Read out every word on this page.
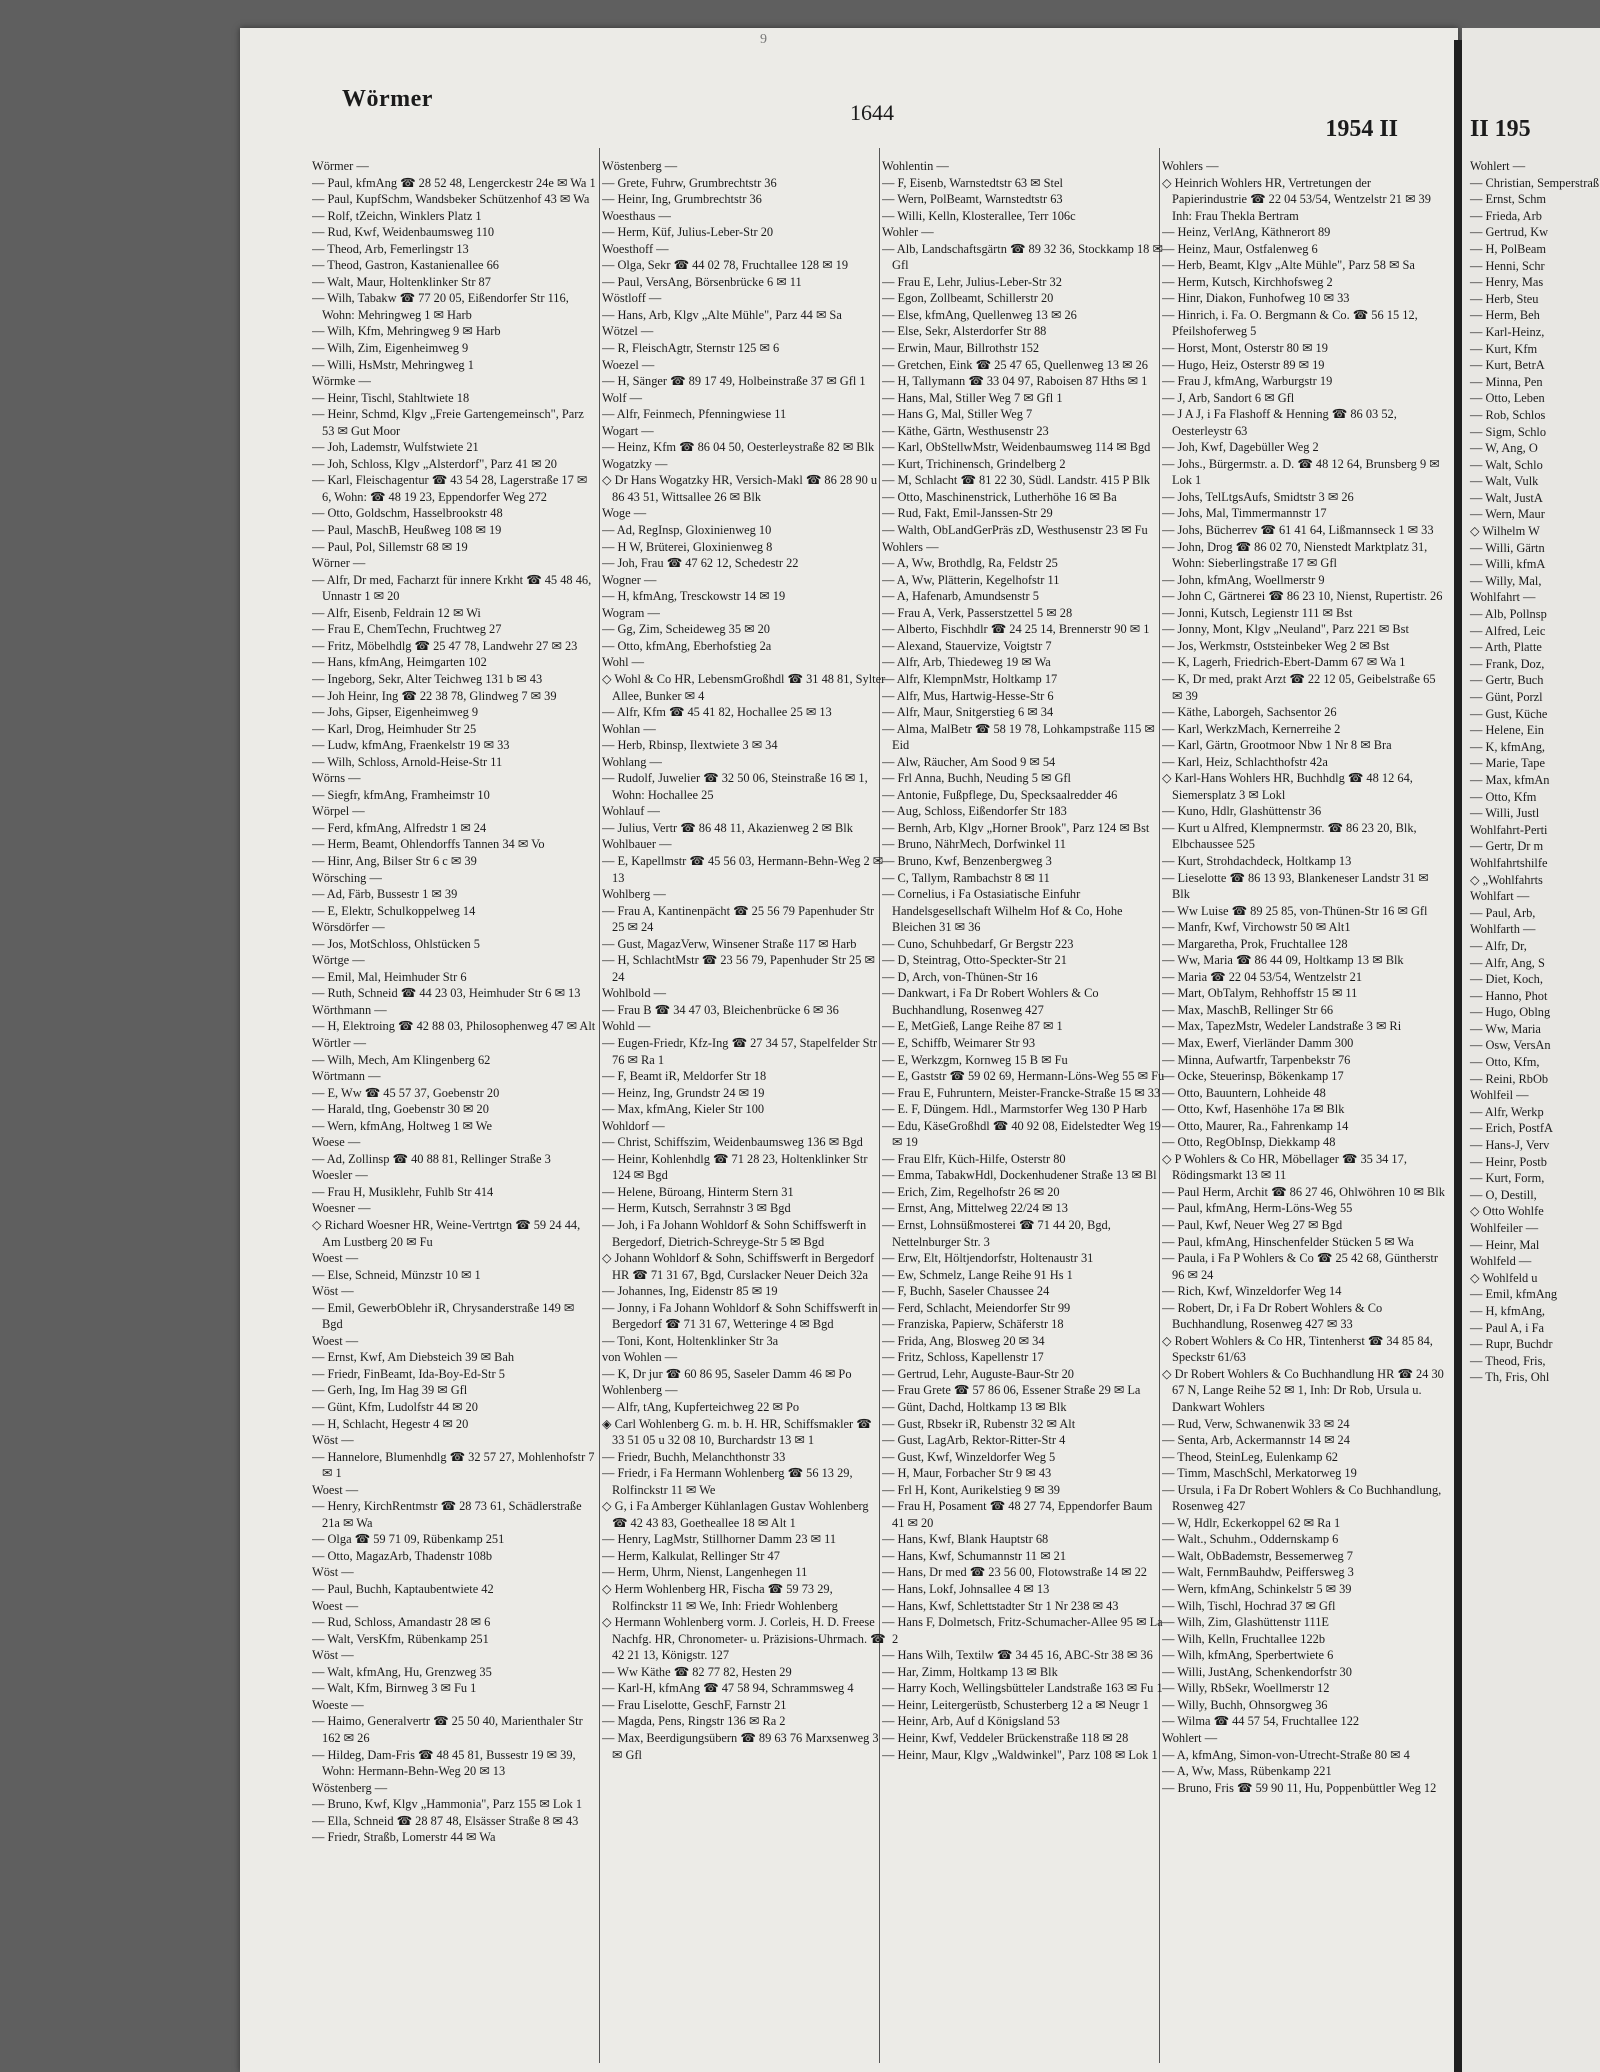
9
Wörmer
1644
1954 II

Wörmer —

— Paul, kfmAng ☎ 28 52 48, Lengerckestr 24e ✉ Wa 1

— Paul, KupfSchm, Wandsbeker Schützenhof 43 ✉ Wa

— Rolf, tZeichn, Winklers Platz 1

— Rud, Kwf, Weidenbaumsweg 110

— Theod, Arb, Femerlingstr 13

— Theod, Gastron, Kastanienallee 66

— Walt, Maur, Holtenklinker Str 87

— Wilh, Tabakw ☎ 77 20 05, Eißendorfer Str 116, Wohn: Mehringweg 1 ✉ Harb

— Wilh, Kfm, Mehringweg 9 ✉ Harb

— Wilh, Zim, Eigenheimweg 9

— Willi, HsMstr, Mehringweg 1

Wörmke —

— Heinr, Tischl, Stahltwiete 18

— Heinr, Schmd, Klgv „Freie Gartengemeinsch", Parz 53 ✉ Gut Moor

— Joh, Lademstr, Wulfstwiete 21

— Joh, Schloss, Klgv „Alsterdorf", Parz 41 ✉ 20

— Karl, Fleischagentur ☎ 43 54 28, Lagerstraße 17 ✉ 6, Wohn: ☎ 48 19 23, Eppendorfer Weg 272

— Otto, Goldschm, Hasselbrookstr 48

— Paul, MaschB, Heußweg 108 ✉ 19

— Paul, Pol, Sillemstr 68 ✉ 19

Wörner —

— Alfr, Dr med, Facharzt für innere Krkht ☎ 45 48 46, Unnastr 1 ✉ 20

— Alfr, Eisenb, Feldrain 12 ✉ Wi

— Frau E, ChemTechn, Fruchtweg 27

— Fritz, Möbelhdlg ☎ 25 47 78, Landwehr 27 ✉ 23

— Hans, kfmAng, Heimgarten 102

— Ingeborg, Sekr, Alter Teichweg 131 b ✉ 43

— Joh Heinr, Ing ☎ 22 38 78, Glindweg 7 ✉ 39

— Johs, Gipser, Eigenheimweg 9

— Karl, Drog, Heimhuder Str 25

— Ludw, kfmAng, Fraenkelstr 19 ✉ 33

— Wilh, Schloss, Arnold-Heise-Str 11

Wörns —

— Siegfr, kfmAng, Framheimstr 10

Wörpel —

— Ferd, kfmAng, Alfredstr 1 ✉ 24

— Herm, Beamt, Ohlendorffs Tannen 34 ✉ Vo

— Hinr, Ang, Bilser Str 6 c ✉ 39

Wörsching —

— Ad, Färb, Bussestr 1 ✉ 39

— E, Elektr, Schulkoppelweg 14

Wörsdörfer —

— Jos, MotSchloss, Ohlstücken 5

Wörtge —

— Emil, Mal, Heimhuder Str 6

— Ruth, Schneid ☎ 44 23 03, Heimhuder Str 6 ✉ 13

Wörthmann —

— H, Elektroing ☎ 42 88 03, Philosophenweg 47 ✉ Alt

Wörtler —

— Wilh, Mech, Am Klingenberg 62

Wörtmann —

— E, Ww ☎ 45 57 37, Goebenstr 20

— Harald, tIng, Goebenstr 30 ✉ 20

— Wern, kfmAng, Holtweg 1 ✉ We

Woese —

— Ad, Zollinsp ☎ 40 88 81, Rellinger Straße 3

Woesler —

— Frau H, Musiklehr, Fuhlb Str 414

Woesner —

◇ Richard Woesner HR, Weine-Vertrtgn ☎ 59 24 44, Am Lustberg 20 ✉ Fu

Woest —

— Else, Schneid, Münzstr 10 ✉ 1

Wöst —

— Emil, GewerbOblehr iR, Chrysanderstraße 149 ✉ Bgd

Woest —

— Ernst, Kwf, Am Diebsteich 39 ✉ Bah

— Friedr, FinBeamt, Ida-Boy-Ed-Str 5

— Gerh, Ing, Im Hag 39 ✉ Gfl

— Günt, Kfm, Ludolfstr 44 ✉ 20

— H, Schlacht, Hegestr 4 ✉ 20

Wöst —

— Hannelore, Blumenhdlg ☎ 32 57 27, Mohlenhofstr 7 ✉ 1

Woest —

— Henry, KirchRentmstr ☎ 28 73 61, Schädlerstraße 21a ✉ Wa

— Olga ☎ 59 71 09, Rübenkamp 251

— Otto, MagazArb, Thadenstr 108b

Wöst —

— Paul, Buchh, Kaptaubentwiete 42

Woest —

— Rud, Schloss, Amandastr 28 ✉ 6

— Walt, VersKfm, Rübenkamp 251

Wöst —

— Walt, kfmAng, Hu, Grenzweg 35

— Walt, Kfm, Birnweg 3 ✉ Fu 1

Woeste —

— Haimo, Generalvertr ☎ 25 50 40, Marienthaler Str 162 ✉ 26

— Hildeg, Dam-Fris ☎ 48 45 81, Bussestr 19 ✉ 39, Wohn: Hermann-Behn-Weg 20 ✉ 13

Wöstenberg —

— Bruno, Kwf, Klgv „Hammonia", Parz 155 ✉ Lok 1

— Ella, Schneid ☎ 28 87 48, Elsässer Straße 8 ✉ 43

— Friedr, Straßb, Lomerstr 44 ✉ Wa

Wöstenberg —

— Grete, Fuhrw, Grumbrechtstr 36

— Heinr, Ing, Grumbrechtstr 36

Woesthaus —

— Herm, Küf, Julius-Leber-Str 20

Woesthoff —

— Olga, Sekr ☎ 44 02 78, Fruchtallee 128 ✉ 19

— Paul, VersAng, Börsenbrücke 6 ✉ 11

Wöstloff —

— Hans, Arb, Klgv „Alte Mühle", Parz 44 ✉ Sa

Wötzel —

— R, FleischAgtr, Sternstr 125 ✉ 6

Woezel —

— H, Sänger ☎ 89 17 49, Holbeinstraße 37 ✉ Gfl 1

Wolf —

— Alfr, Feinmech, Pfenningwiese 11

Wogart —

— Heinz, Kfm ☎ 86 04 50, Oesterleystraße 82 ✉ Blk

Wogatzky —

◇ Dr Hans Wogatzky HR, Versich-Makl ☎ 86 28 90 u 86 43 51, Wittsallee 26 ✉ Blk

Woge —

— Ad, RegInsp, Gloxinienweg 10

— H W, Brüterei, Gloxinienweg 8

— Joh, Frau ☎ 47 62 12, Schedestr 22

Wogner —

— H, kfmAng, Tresckowstr 14 ✉ 19

Wogram —

— Gg, Zim, Scheideweg 35 ✉ 20

— Otto, kfmAng, Eberhofstieg 2a

Wohl —

◇ Wohl & Co HR, LebensmGroßhdl ☎ 31 48 81, Sylter Allee, Bunker ✉ 4

— Alfr, Kfm ☎ 45 41 82, Hochallee 25 ✉ 13

Wohlan —

— Herb, Rbinsp, Ilextwiete 3 ✉ 34

Wohlang —

— Rudolf, Juwelier ☎ 32 50 06, Steinstraße 16 ✉ 1, Wohn: Hochallee 25

Wohlauf —

— Julius, Vertr ☎ 86 48 11, Akazienweg 2 ✉ Blk

Wohlbauer —

— E, Kapellmstr ☎ 45 56 03, Hermann-Behn-Weg 2 ✉ 13

Wohlberg —

— Frau A, Kantinenpächt ☎ 25 56 79 Papenhuder Str 25 ✉ 24

— Gust, MagazVerw, Winsener Straße 117 ✉ Harb

— H, SchlachtMstr ☎ 23 56 79, Papenhuder Str 25 ✉ 24

Wohlbold —

— Frau B ☎ 34 47 03, Bleichenbrücke 6 ✉ 36

Wohld —

— Eugen-Friedr, Kfz-Ing ☎ 27 34 57, Stapelfelder Str 76 ✉ Ra 1

— F, Beamt iR, Meldorfer Str 18

— Heinz, Ing, Grundstr 24 ✉ 19

— Max, kfmAng, Kieler Str 100

Wohldorf —

— Christ, Schiffszim, Weidenbaumsweg 136 ✉ Bgd

— Heinr, Kohlenhdlg ☎ 71 28 23, Holtenklinker Str 124 ✉ Bgd

— Helene, Büroang, Hinterm Stern 31

— Herm, Kutsch, Serrahnstr 3 ✉ Bgd

— Joh, i Fa Johann Wohldorf & Sohn Schiffswerft in Bergedorf, Dietrich-Schreyge-Str 5 ✉ Bgd

◇ Johann Wohldorf & Sohn, Schiffswerft in Bergedorf HR ☎ 71 31 67, Bgd, Curslacker Neuer Deich 32a

— Johannes, Ing, Eidenstr 85 ✉ 19

— Jonny, i Fa Johann Wohldorf & Sohn Schiffswerft in Bergedorf ☎ 71 31 67, Wetteringe 4 ✉ Bgd

— Toni, Kont, Holtenklinker Str 3a

von Wohlen —

— K, Dr jur ☎ 60 86 95, Saseler Damm 46 ✉ Po

Wohlenberg —

— Alfr, tAng, Kupferteichweg 22 ✉ Po

◈ Carl Wohlenberg G. m. b. H. HR, Schiffsmakler ☎ 33 51 05 u 32 08 10, Burchardstr 13 ✉ 1

— Friedr, Buchh, Melanchthonstr 33

— Friedr, i Fa Hermann Wohlenberg ☎ 56 13 29, Rolfinckstr 11 ✉ We

◇ G, i Fa Amberger Kühlanlagen Gustav Wohlenberg ☎ 42 43 83, Goetheallee 18 ✉ Alt 1

— Henry, LagMstr, Stillhorner Damm 23 ✉ 11

— Herm, Kalkulat, Rellinger Str 47

— Herm, Uhrm, Nienst, Langenhegen 11

◇ Herm Wohlenberg HR, Fischa ☎ 59 73 29, Rolfinckstr 11 ✉ We, Inh: Friedr Wohlenberg

◇ Hermann Wohlenberg vorm. J. Corleis, H. D. Freese Nachfg. HR, Chronometer- u. Präzisions-Uhrmach. ☎ 42 21 13, Königstr. 127

— Ww Käthe ☎ 82 77 82, Hesten 29

— Karl-H, kfmAng ☎ 47 58 94, Schrammsweg 4

— Frau Liselotte, GeschF, Farnstr 21

— Magda, Pens, Ringstr 136 ✉ Ra 2

— Max, Beerdigungsübern ☎ 89 63 76 Marxsenweg 3 ✉ Gfl

Wohlentin —

— F, Eisenb, Warnstedtstr 63 ✉ Stel

— Wern, PolBeamt, Warnstedtstr 63

— Willi, Kelln, Klosterallee, Terr 106c

Wohler —

— Alb, Landschaftsgärtn ☎ 89 32 36, Stockkamp 18 ✉ Gfl

— Frau E, Lehr, Julius-Leber-Str 32

— Egon, Zollbeamt, Schillerstr 20

— Else, kfmAng, Quellenweg 13 ✉ 26

— Else, Sekr, Alsterdorfer Str 88

— Erwin, Maur, Billrothstr 152

— Gretchen, Eink ☎ 25 47 65, Quellenweg 13 ✉ 26

— H, Tallymann ☎ 33 04 97, Raboisen 87 Hths ✉ 1

— Hans, Mal, Stiller Weg 7 ✉ Gfl 1

— Hans G, Mal, Stiller Weg 7

— Käthe, Gärtn, Westhusenstr 23

— Karl, ObStellwMstr, Weidenbaumsweg 114 ✉ Bgd

— Kurt, Trichinensch, Grindelberg 2

— M, Schlacht ☎ 81 22 30, Südl. Landstr. 415 P Blk

— Otto, Maschinenstrick, Lutherhöhe 16 ✉ Ba

— Rud, Fakt, Emil-Janssen-Str 29

— Walth, ObLandGerPräs zD, Westhusenstr 23 ✉ Fu

Wohlers —

— A, Ww, Brothdlg, Ra, Feldstr 25

— A, Ww, Plätterin, Kegelhofstr 11

— A, Hafenarb, Amundsenstr 5

— Frau A, Verk, Passerstzettel 5 ✉ 28

— Alberto, Fischhdlr ☎ 24 25 14, Brennerstr 90 ✉ 1

— Alexand, Stauervize, Voigtstr 7

— Alfr, Arb, Thiedeweg 19 ✉ Wa

— Alfr, KlempnMstr, Holtkamp 17

— Alfr, Mus, Hartwig-Hesse-Str 6

— Alfr, Maur, Snitgerstieg 6 ✉ 34

— Alma, MalBetr ☎ 58 19 78, Lohkampstraße 115 ✉ Eid

— Alw, Räucher, Am Sood 9 ✉ 54

— Frl Anna, Buchh, Neuding 5 ✉ Gfl

— Antonie, Fußpflege, Du, Specksaalredder 46

— Aug, Schloss, Eißendorfer Str 183

— Bernh, Arb, Klgv „Horner Brook", Parz 124 ✉ Bst

— Bruno, NährMech, Dorfwinkel 11

— Bruno, Kwf, Benzenbergweg 3

— C, Tallym, Rambachstr 8 ✉ 11

— Cornelius, i Fa Ostasiatische Einfuhr Handelsgesellschaft Wilhelm Hof & Co, Hohe Bleichen 31 ✉ 36

— Cuno, Schuhbedarf, Gr Bergstr 223

— D, Steintrag, Otto-Speckter-Str 21

— D, Arch, von-Thünen-Str 16

— Dankwart, i Fa Dr Robert Wohlers & Co Buchhandlung, Rosenweg 427

— E, MetGieß, Lange Reihe 87 ✉ 1

— E, Schiffb, Weimarer Str 93

— E, Werkzgm, Kornweg 15 B ✉ Fu

— E, Gaststr ☎ 59 02 69, Hermann-Löns-Weg 55 ✉ Fu

— Frau E, Fuhruntern, Meister-Francke-Straße 15 ✉ 33

— E. F, Düngem. Hdl., Marmstorfer Weg 130 P Harb

— Edu, KäseGroßhdl ☎ 40 92 08, Eidelstedter Weg 19 ✉ 19

— Frau Elfr, Küch-Hilfe, Osterstr 80

— Emma, TabakwHdl, Dockenhudener Straße 13 ✉ Bl

— Erich, Zim, Regelhofstr 26 ✉ 20

— Ernst, Ang, Mittelweg 22/24 ✉ 13

— Ernst, Lohnsüßmosterei ☎ 71 44 20, Bgd, Nettelnburger Str. 3

— Erw, Elt, Höltjendorfstr, Holtenaustr 31

— Ew, Schmelz, Lange Reihe 91 Hs 1

— F, Buchh, Saseler Chaussee 24

— Ferd, Schlacht, Meiendorfer Str 99

— Franziska, Papierw, Schäferstr 18

— Frida, Ang, Blosweg 20 ✉ 34

— Fritz, Schloss, Kapellenstr 17

— Gertrud, Lehr, Auguste-Baur-Str 20

— Frau Grete ☎ 57 86 06, Essener Straße 29 ✉ La

— Günt, Dachd, Holtkamp 13 ✉ Blk

— Gust, Rbsekr iR, Rubenstr 32 ✉ Alt

— Gust, LagArb, Rektor-Ritter-Str 4

— Gust, Kwf, Winzeldorfer Weg 5

— H, Maur, Forbacher Str 9 ✉ 43

— Frl H, Kont, Aurikelstieg 9 ✉ 39

— Frau H, Posament ☎ 48 27 74, Eppendorfer Baum 41 ✉ 20

— Hans, Kwf, Blank Hauptstr 68

— Hans, Kwf, Schumannstr 11 ✉ 21

— Hans, Dr med ☎ 23 56 00, Flotowstraße 14 ✉ 22

— Hans, Lokf, Johnsallee 4 ✉ 13

— Hans, Kwf, Schlettstadter Str 1 Nr 238 ✉ 43

— Hans F, Dolmetsch, Fritz-Schumacher-Allee 95 ✉ La 2

— Hans Wilh, Textilw ☎ 34 45 16, ABC-Str 38 ✉ 36

— Har, Zimm, Holtkamp 13 ✉ Blk

— Harry Koch, Wellingsbütteler Landstraße 163 ✉ Fu 1

— Heinr, Leitergerüstb, Schusterberg 12 a ✉ Neugr 1

— Heinr, Arb, Auf d Königsland 53

— Heinr, Kwf, Veddeler Brückenstraße 118 ✉ 28

— Heinr, Maur, Klgv „Waldwinkel", Parz 108 ✉ Lok 1

Wohlers —

◇ Heinrich Wohlers HR, Vertretungen der Papierindustrie ☎ 22 04 53/54, Wentzelstr 21 ✉ 39 Inh: Frau Thekla Bertram

— Heinz, VerlAng, Käthnerort 89

— Heinz, Maur, Ostfalenweg 6

— Herb, Beamt, Klgv „Alte Mühle", Parz 58 ✉ Sa

— Herm, Kutsch, Kirchhofsweg 2

— Hinr, Diakon, Funhofweg 10 ✉ 33

— Hinrich, i. Fa. O. Bergmann & Co. ☎ 56 15 12, Pfeilshoferweg 5

— Horst, Mont, Osterstr 80 ✉ 19

— Hugo, Heiz, Osterstr 89 ✉ 19

— Frau J, kfmAng, Warburgstr 19

— J, Arb, Sandort 6 ✉ Gfl

— J A J, i Fa Flashoff & Henning ☎ 86 03 52, Oesterleystr 63

— Joh, Kwf, Dagebüller Weg 2

— Johs., Bürgermstr. a. D. ☎ 48 12 64, Brunsberg 9 ✉ Lok 1

— Johs, TelLtgsAufs, Smidtstr 3 ✉ 26

— Johs, Mal, Timmermannstr 17

— Johs, Bücherrev ☎ 61 41 64, Lißmannseck 1 ✉ 33

— John, Drog ☎ 86 02 70, Nienstedt Marktplatz 31, Wohn: Sieberlingstraße 17 ✉ Gfl

— John, kfmAng, Woellmerstr 9

— John C, Gärtnerei ☎ 86 23 10, Nienst, Rupertistr. 26

— Jonni, Kutsch, Legienstr 111 ✉ Bst

— Jonny, Mont, Klgv „Neuland", Parz 221 ✉ Bst

— Jos, Werkmstr, Oststeinbeker Weg 2 ✉ Bst

— K, Lagerh, Friedrich-Ebert-Damm 67 ✉ Wa 1

— K, Dr med, prakt Arzt ☎ 22 12 05, Geibelstraße 65 ✉ 39

— Käthe, Laborgeh, Sachsentor 26

— Karl, WerkzMach, Kernerreihe 2

— Karl, Gärtn, Grootmoor Nbw 1 Nr 8 ✉ Bra

— Karl, Heiz, Schlachthofstr 42a

◇ Karl-Hans Wohlers HR, Buchhdlg ☎ 48 12 64, Siemersplatz 3 ✉ Lokl

— Kuno, Hdlr, Glashüttenstr 36

— Kurt u Alfred, Klempnermstr. ☎ 86 23 20, Blk, Elbchaussee 525

— Kurt, Strohdachdeck, Holtkamp 13

— Lieselotte ☎ 86 13 93, Blankeneser Landstr 31 ✉ Blk

— Ww Luise ☎ 89 25 85, von-Thünen-Str 16 ✉ Gfl

— Manfr, Kwf, Virchowstr 50 ✉ Alt1

— Margaretha, Prok, Fruchtallee 128

— Ww, Maria ☎ 86 44 09, Holtkamp 13 ✉ Blk

— Maria ☎ 22 04 53/54, Wentzelstr 21

— Mart, ObTalym, Rehhoffstr 15 ✉ 11

— Max, MaschB, Rellinger Str 66

— Max, TapezMstr, Wedeler Landstraße 3 ✉ Ri

— Max, Ewerf, Vierländer Damm 300

— Minna, Aufwartfr, Tarpenbekstr 76

— Ocke, Steuerinsp, Bökenkamp 17

— Otto, Bauuntern, Lohheide 48

— Otto, Kwf, Hasenhöhe 17a ✉ Blk

— Otto, Maurer, Ra., Fahrenkamp 14

— Otto, RegObInsp, Diekkamp 48

◇ P Wohlers & Co HR, Möbellager ☎ 35 34 17, Rödingsmarkt 13 ✉ 11

— Paul Herm, Archit ☎ 86 27 46, Ohlwöhren 10 ✉ Blk

— Paul, kfmAng, Herm-Löns-Weg 55

— Paul, Kwf, Neuer Weg 27 ✉ Bgd

— Paul, kfmAng, Hinschenfelder Stücken 5 ✉ Wa

— Paula, i Fa P Wohlers & Co ☎ 25 42 68, Güntherstr 96 ✉ 24

— Rich, Kwf, Winzeldorfer Weg 14

— Robert, Dr, i Fa Dr Robert Wohlers & Co Buchhandlung, Rosenweg 427 ✉ 33

◇ Robert Wohlers & Co HR, Tintenherst ☎ 34 85 84, Speckstr 61/63

◇ Dr Robert Wohlers & Co Buchhandlung HR ☎ 24 30 67 N, Lange Reihe 52 ✉ 1, Inh: Dr Rob, Ursula u. Dankwart Wohlers

— Rud, Verw, Schwanenwik 33 ✉ 24

— Senta, Arb, Ackermannstr 14 ✉ 24

— Theod, SteinLeg, Eulenkamp 62

— Timm, MaschSchl, Merkatorweg 19

— Ursula, i Fa Dr Robert Wohlers & Co Buchhandlung, Rosenweg 427

— W, Hdlr, Eckerkoppel 62 ✉ Ra 1

— Walt., Schuhm., Oddernskamp 6

— Walt, ObBademstr, Bessemerweg 7

— Walt, FernmBauhdw, Peiffersweg 3

— Wern, kfmAng, Schinkelstr 5 ✉ 39

— Wilh, Tischl, Hochrad 37 ✉ Gfl

— Wilh, Zim, Glashüttenstr 111E

— Wilh, Kelln, Fruchtallee 122b

— Wilh, kfmAng, Sperbertwiete 6

— Willi, JustAng, Schenkendorfstr 30

— Willy, RbSekr, Woellmerstr 12

— Willy, Buchh, Ohnsorgweg 36

— Wilma ☎ 44 57 54, Fruchtallee 122

Wohlert —

— A, kfmAng, Simon-von-Utrecht-Straße 80 ✉ 4

— A, Ww, Mass, Rübenkamp 221

— Bruno, Fris ☎ 59 90 11, Hu, Poppenbüttler Weg 12

II 195
Wohlert —
— Christian, Semperstraß
— Ernst, Schm
— Frieda, Arb
— Gertrud, Kw
— H, PolBeam
— Henni, Schr
— Henry, Mas
— Herb, Steu
— Herm, Beh
— Karl-Heinz,
— Kurt, Kfm
— Kurt, BetrA
— Minna, Pen
— Otto, Leben
— Rob, Schlos
— Sigm, Schlo
— W, Ang, O
— Walt, Schlo
— Walt, Vulk
— Walt, JustA
— Wern, Maur
◇ Wilhelm W
— Willi, Gärtn
— Willi, kfmA
— Willy, Mal,
Wohlfahrt —
— Alb, Pollnsp
— Alfred, Leic
— Arth, Platte
— Frank, Doz,
— Gertr, Buch
— Günt, Porzl
— Gust, Küche
— Helene, Ein
— K, kfmAng,
— Marie, Tape
— Max, kfmAn
— Otto, Kfm
— Willi, Justl
Wohlfahrt-Perti
— Gertr, Dr m
Wohlfahrtshilfe
◇ „Wohlfahrts
Wohlfart —
— Paul, Arb,
Wohlfarth —
— Alfr, Dr,
— Alfr, Ang, S
— Diet, Koch,
— Hanno, Phot
— Hugo, Oblng
— Ww, Maria
— Osw, VersAn
— Otto, Kfm,
— Reini, RbOb
Wohlfeil —
— Alfr, Werkp
— Erich, PostfA
— Hans-J, Verv
— Heinr, Postb
— Kurt, Form,
— O, Destill,
◇ Otto Wohlfe
Wohlfeiler —
— Heinr, Mal
Wohlfeld —
◇ Wohlfeld u
— Emil, kfmAng
— H, kfmAng,
— Paul A, i Fa
— Rupr, Buchdr
— Theod, Fris,
— Th, Fris, Ohl
